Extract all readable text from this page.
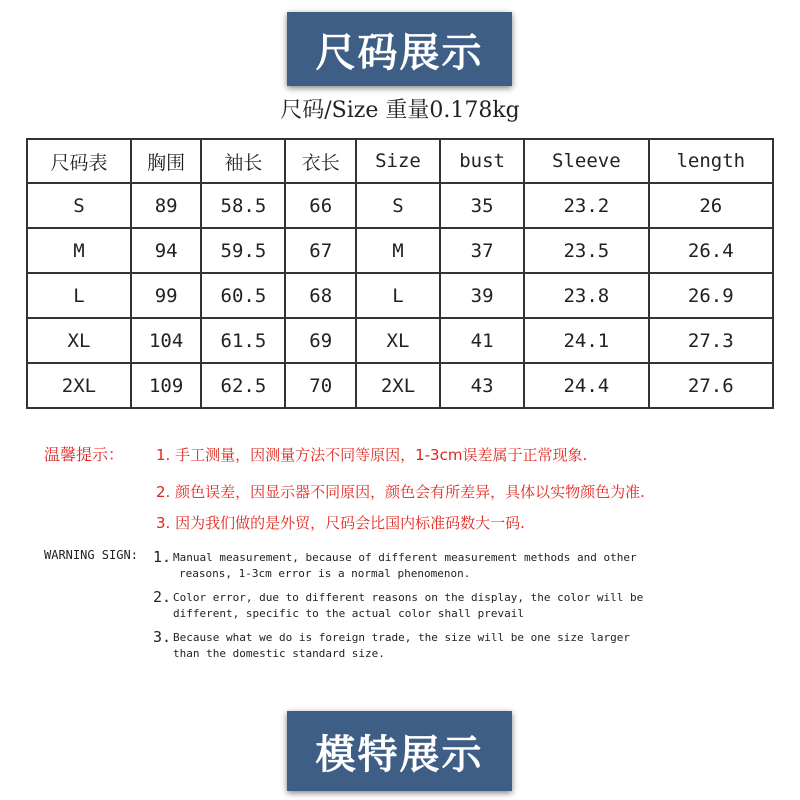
尺码展示
尺码/Size 重量0.178kg
尺码表	胸围	袖长	衣长	Size	bust	Sleeve	length
S	89	58.5	66	S	35	23.2	26
M	94	59.5	67	M	37	23.5	26.4
L	99	60.5	68	L	39	23.8	26.9
XL	104	61.5	69	XL	41	24.1	27.3
2XL	109	62.5	70	2XL	43	24.4	27.6
温馨提示： 1. 手工测量，因测量方法不同等原因，1-3cm误差属于正常现象.
2. 颜色误差，因显示器不同原因，颜色会有所差异，具体以实物颜色为准.
3. 因为我们做的是外贸，尺码会比国内标准码数大一码.
WARNING SIGN: 1. Manual measurement, because of different measurement methods and other
reasons, 1-3cm error is a normal phenomenon.
2. Color error, due to different reasons on the display, the color will be
different, specific to the actual color shall prevail
3. Because what we do is foreign trade, the size will be one size larger
than the domestic standard size.
模特展示
